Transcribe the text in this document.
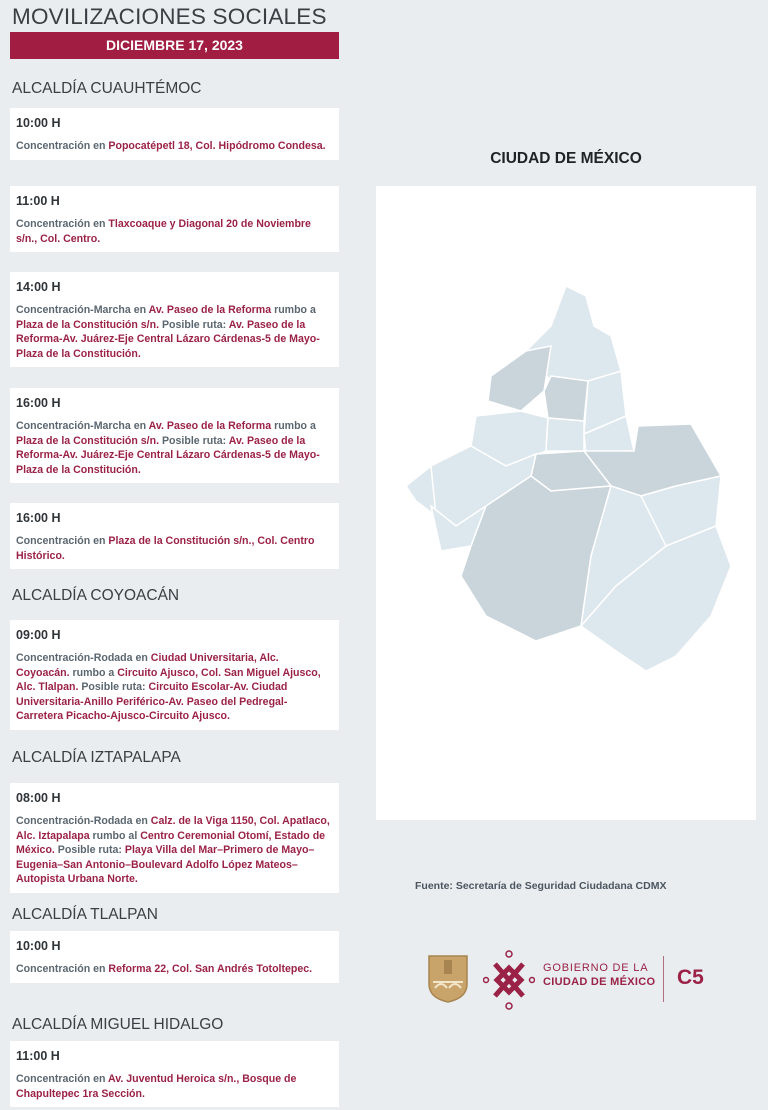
MOVILIZACIONES SOCIALES
DICIEMBRE 17, 2023
ALCALDÍA CUAUHTÉMOC
10:00 H
Concentración en Popocatépetl 18, Col. Hipódromo Condesa.
11:00 H
Concentración en Tlaxcoaque y Diagonal 20 de Noviembre s/n., Col. Centro.
14:00 H
Concentración-Marcha en Av. Paseo de la Reforma rumbo a Plaza de la Constitución s/n. Posible ruta: Av. Paseo de la Reforma-Av. Juárez-Eje Central Lázaro Cárdenas-5 de Mayo-Plaza de la Constitución.
16:00 H
Concentración-Marcha en Av. Paseo de la Reforma rumbo a Plaza de la Constitución s/n. Posible ruta: Av. Paseo de la Reforma-Av. Juárez-Eje Central Lázaro Cárdenas-5 de Mayo-Plaza de la Constitución.
16:00 H
Concentración en Plaza de la Constitución s/n., Col. Centro Histórico.
ALCALDÍA COYOACÁN
09:00 H
Concentración-Rodada en Ciudad Universitaria, Alc. Coyoacán. rumbo a Circuito Ajusco, Col. San Miguel Ajusco, Alc. Tlalpan. Posible ruta: Circuito Escolar-Av. Ciudad Universitaria-Anillo Periférico-Av. Paseo del Pedregal-Carretera Picacho-Ajusco-Circuito Ajusco.
ALCALDÍA IZTAPALAPA
08:00 H
Concentración-Rodada en Calz. de la Viga 1150, Col. Apatlaco, Alc. Iztapalapa rumbo al Centro Ceremonial Otomí, Estado de México. Posible ruta: Playa Villa del Mar–Primero de Mayo–Eugenia–San Antonio–Boulevard Adolfo López Mateos–Autopista Urbana Norte.
ALCALDÍA TLALPAN
10:00 H
Concentración en Reforma 22, Col. San Andrés Totoltepec.
ALCALDÍA MIGUEL HIDALGO
11:00 H
Concentración en Av. Juventud Heroica s/n., Bosque de Chapultepec 1ra Sección.
CIUDAD DE MÉXICO
Fuente: Secretaría de Seguridad Ciudadana CDMX
GOBIERNO DE LA
CIUDAD DE MÉXICO C5
